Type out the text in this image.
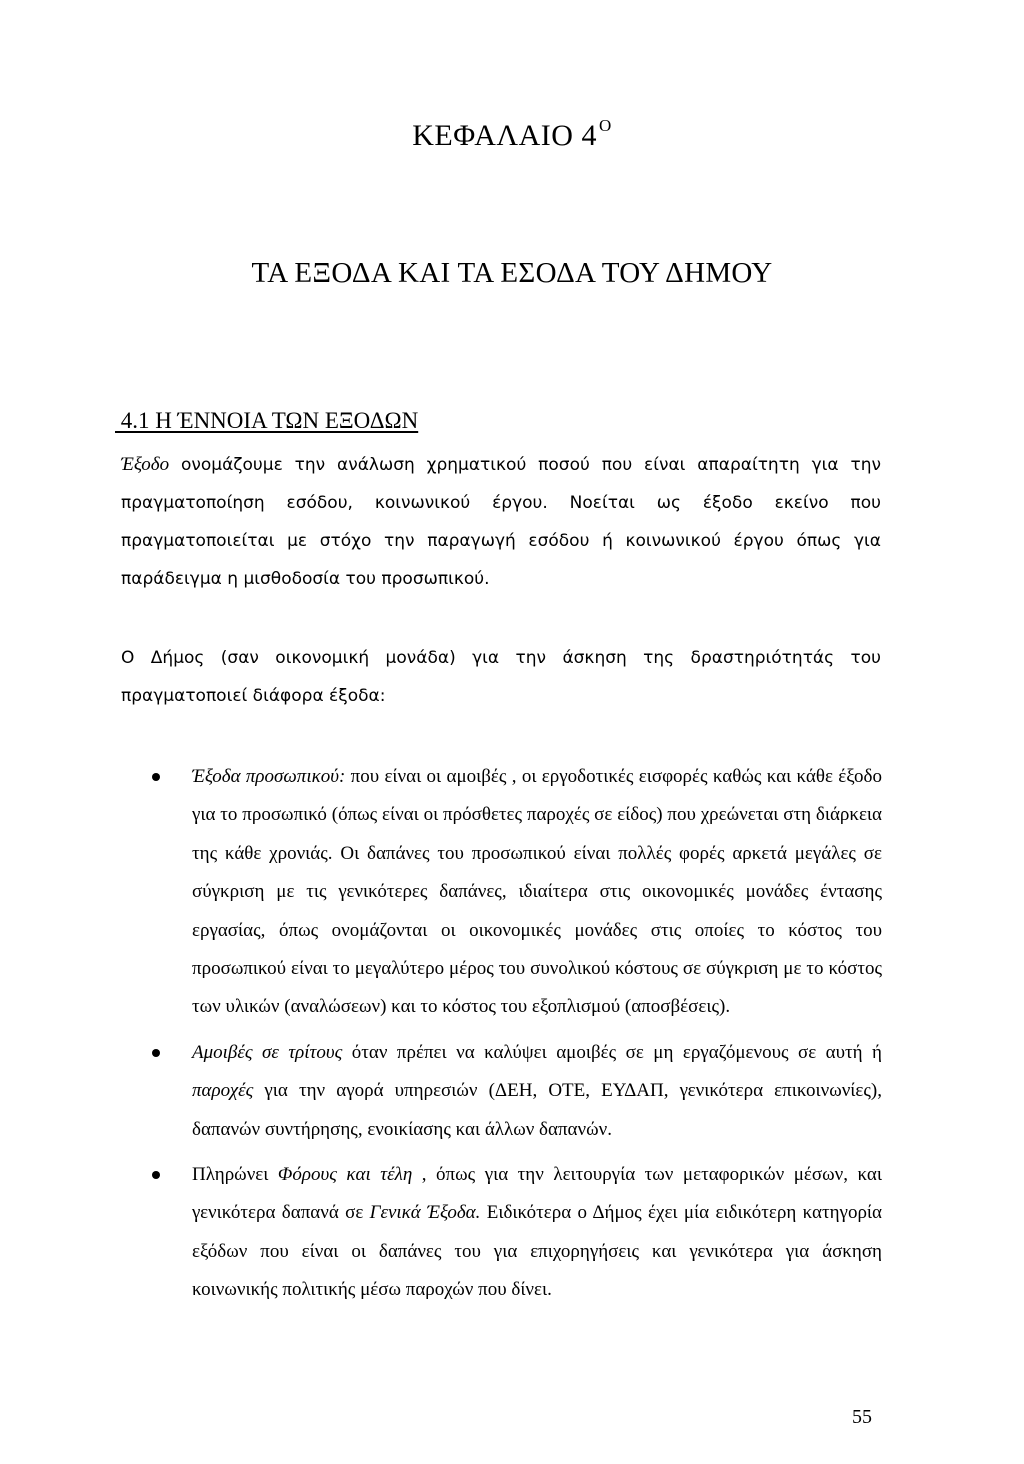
ΚΕΦΑΛΑΙΟ 4 $^O$
ΤΑ ΕΞΟΔΑ ΚΑΙ ΤΑ ΕΣΟΔΑ ΤΟΥ ΔΗΜΟΥ
4.1 Η ΈΝΝΟΙΑ ΤΩΝ ΕΞΟΔΩΝ

Έξοδο ονομάζουμε την ανάλωση χρηματικού ποσού που είναι απαραίτητη για την πραγματοποίηση εσόδου, κοινωνικού έργου. Νοείται ως έξοδο εκείνο που πραγματοποιείται με στόχο την παραγωγή εσόδου ή κοινωνικού έργου όπως για παράδειγμα η μισθοδοσία του προσωπικού.

Ο Δήμος (σαν οικονομική μονάδα) για την άσκηση της δραστηριότητάς του πραγματοποιεί διάφορα έξοδα:

Έξοδα προσωπικού: που είναι οι αμοιβές , οι εργοδοτικές εισφορές καθώς και κάθε έξοδο για το προσωπικό (όπως είναι οι πρόσθετες παροχές σε είδος) που χρεώνεται στη διάρκεια της κάθε χρονιάς. Οι δαπάνες του προσωπικού είναι πολλές φορές αρκετά μεγάλες σε σύγκριση με τις γενικότερες δαπάνες, ιδιαίτερα στις οικονομικές μονάδες έντασης εργασίας, όπως ονομάζονται οι οικονομικές μονάδες στις οποίες το κόστος του προσωπικού είναι το μεγαλύτερο μέρος του συνολικού κόστους σε σύγκριση με το κόστος των υλικών (αναλώσεων) και το κόστος του εξοπλισμού (αποσβέσεις).
Αμοιβές σε τρίτους όταν πρέπει να καλύψει αμοιβές σε μη εργαζόμενους σε αυτή ή παροχές για την αγορά υπηρεσιών (ΔΕΗ, ΟΤΕ, ΕΥΔΑΠ, γενικότερα επικοινωνίες), δαπανών συντήρησης, ενοικίασης και άλλων δαπανών.
Πληρώνει Φόρους και τέλη , όπως για την λειτουργία των μεταφορικών μέσων, και γενικότερα δαπανά σε Γενικά Έξοδα. Ειδικότερα ο Δήμος έχει μία ειδικότερη κατηγορία εξόδων που είναι οι δαπάνες του για επιχορηγήσεις και γενικότερα για άσκηση κοινωνικής πολιτικής μέσω παροχών που δίνει.
55
